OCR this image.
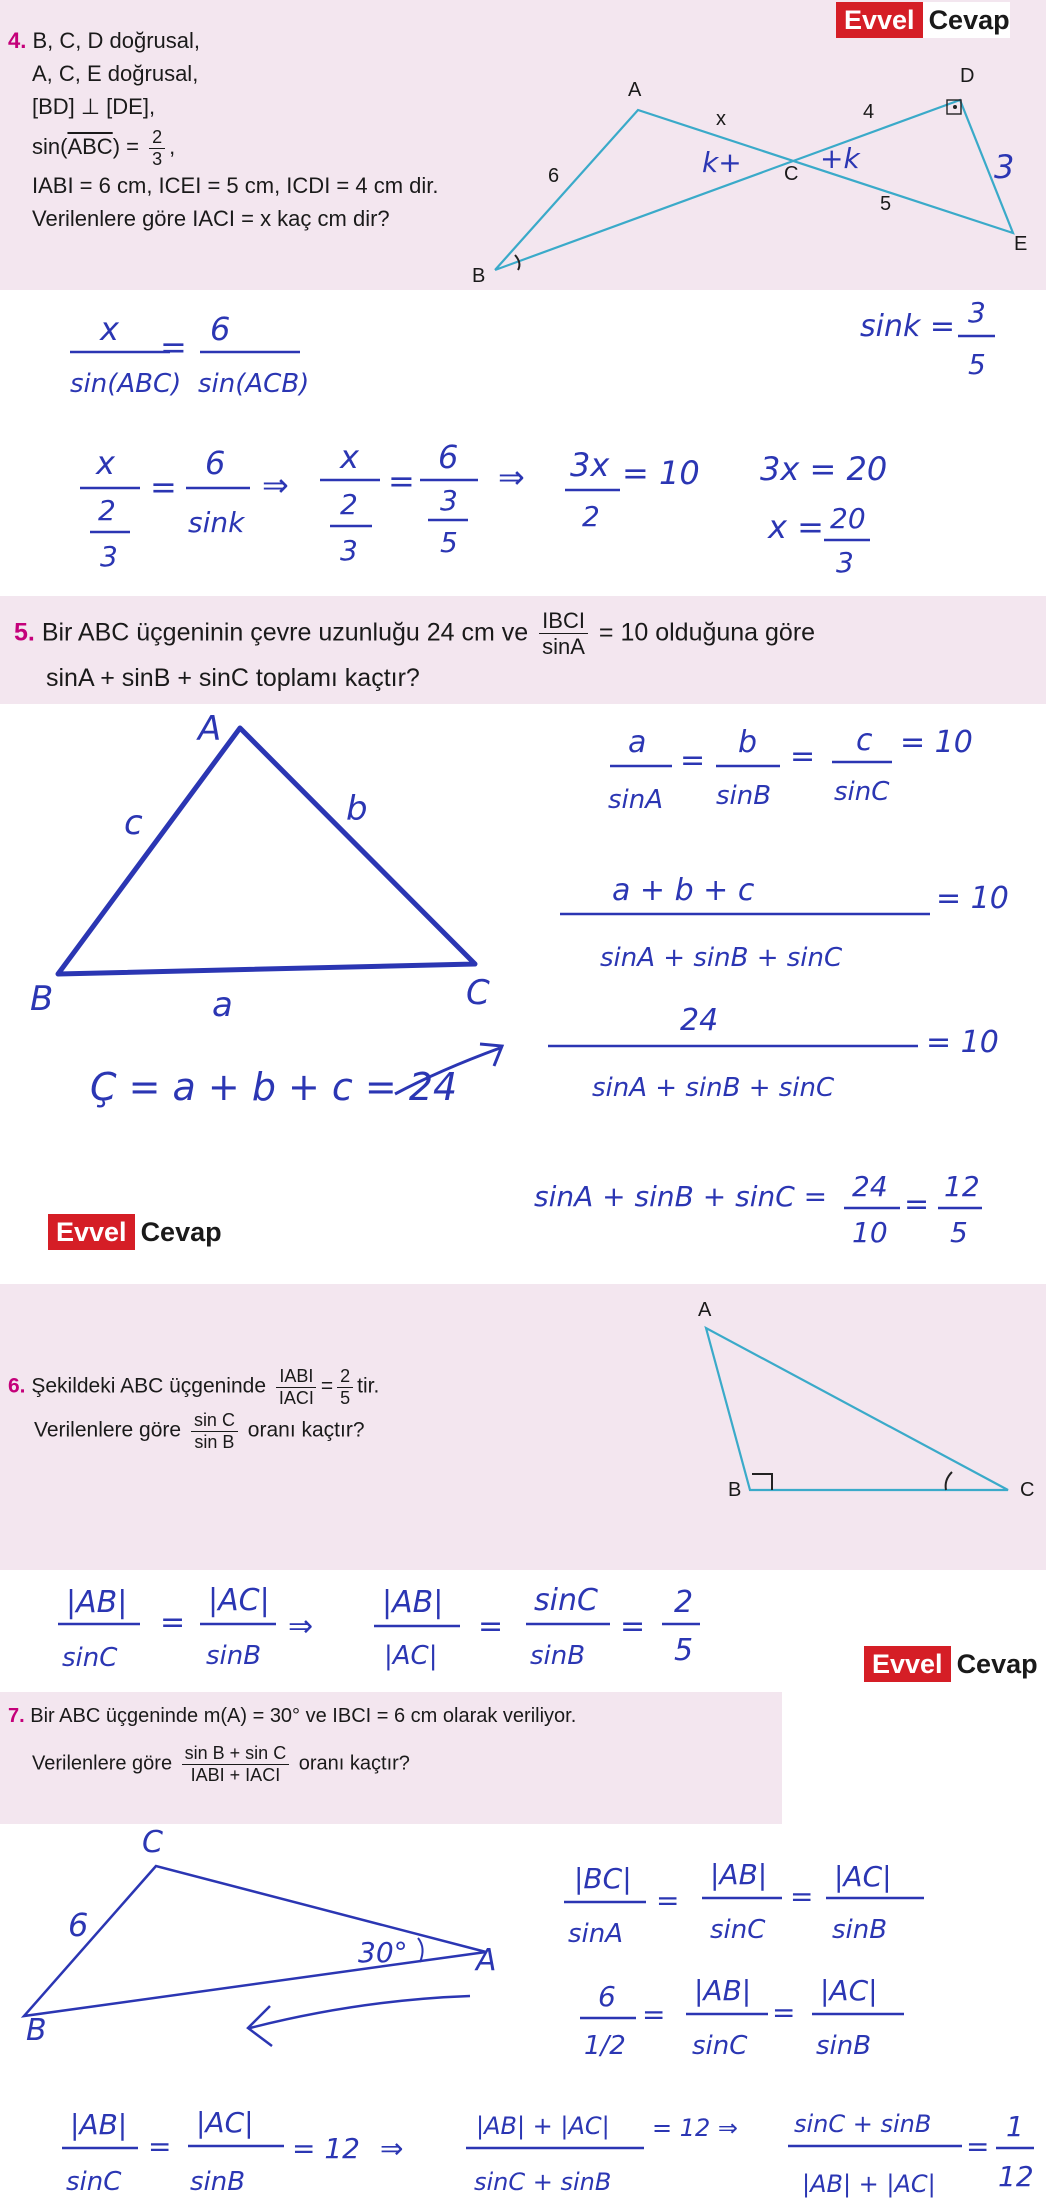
Evvel Cevap
4. B, C, D doğrusal,
A, C, E doğrusal,
[BD] ⊥ [DE],
$\sin(\overline{ABC}) = \frac{2}{3}$ ,
IABI = 6 cm, ICEI = 5 cm, ICDI = 4 cm dir.
Verilenlere göre IACI = x kaç cm dir?
A
B
C
D
E
x	4
6
5
k+	+k	3
x
sin(ABC)
= 6
sin(ACB)
sink = 3
5
x
2
3
=
6
sink
⇒
x
2
3
=
6
3
5
⇒ 3x
2
= 10 3x = 20
x = 20
3
5. Bir ABC üçgeninin çevre uzunluğu 24 cm ve $\frac{\text{IBCI}}{\sin A} = 10$ olduğuna göre
sinA + sinB + sinC toplamı kaçtır?
A
B	C
c	b
a
Ç = a + b + c = 24
a
sinA
=
b
sinB
= c
sinC
= 10
a + b + c
sinA + sinB + sinC
= 10
24
sinA + sinB + sinC
= 10
sinA + sinB + sinC = 24
10
=
12
5
Evvel Cevap
6. Şekildeki ABC üçgeninde $\frac{\text{IABI}}{\text{IACI}} = \frac{2}{5}$ tir.
Verilenlere göre $\frac{\text{sin C}}{\text{sin B}}$ oranı kaçtır?
A
B	C
|AB|
sinC
=
|AC|
sinB
⇒
|AB|
|AC|
=
sinC
sinB
=
2
5	Evvel Cevap
7. Bir ABC üçgeninde m(A) = 30° ve IBCI = 6 cm olarak veriliyor.
Verilenlere göre $\frac{\text{sin B + sin C}}{\text{IABI + IACI}}$ oranı kaçtır?
C
B
A
6
30°
|BC|
sinA
=
|AB|
sinC
=
|AC|
sinB
6
1/2
=
|AB|
sinC
=
|AC|
sinB
|AB|
sinC
=
|AC|
sinB
= 12 ⇒
|AB| + |AC|
sinC + sinB
= 12 ⇒ sinC + sinB
|AB| + |AC|
=
1
12
